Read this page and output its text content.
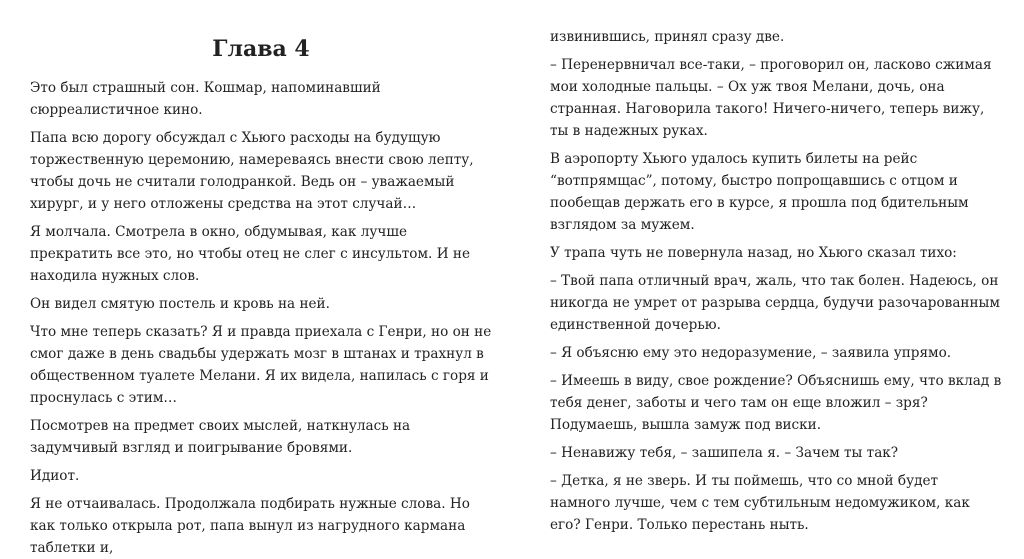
Глава 4

Это был страшный сон. Кошмар, напоминавший сюрреалистичное кино.

Папа всю дорогу обсуждал с Хьюго расходы на будущую торжественную церемонию, намереваясь внести свою лепту, чтобы дочь не считали голодранкой. Ведь он – уважаемый хирург, и у него отложены средства на этот случай…

Я молчала. Смотрела в окно, обдумывая, как лучше прекратить все это, но чтобы отец не слег с инсультом. И не находила нужных слов.

Он видел смятую постель и кровь на ней.

Что мне теперь сказать? Я и правда приехала с Генри, но он не смог даже в день свадьбы удержать мозг в штанах и трахнул в общественном туалете Мелани. Я их видела, напилась с горя и проснулась с этим…

Посмотрев на предмет своих мыслей, наткнулась на задумчивый взгляд и поигрывание бровями.

Идиот.

Я не отчаивалась. Продолжала подбирать нужные слова. Но как только открыла рот, папа вынул из нагрудного кармана таблетки и,

извинившись, принял сразу две.

– Перенервничал все-таки, – проговорил он, ласково сжимая мои холодные пальцы. – Ох уж твоя Мелани, дочь, она странная. Наговорила такого! Ничего-ничего, теперь вижу, ты в надежных руках.

В аэропорту Хьюго удалось купить билеты на рейс “вотпрямщас”, потому, быстро попрощавшись с отцом и пообещав держать его в курсе, я прошла под бдительным взглядом за мужем.

У трапа чуть не повернула назад, но Хьюго сказал тихо:

– Твой папа отличный врач, жаль, что так болен. Надеюсь, он никогда не умрет от разрыва сердца, будучи разочарованным единственной дочерью.

– Я объясню ему это недоразумение, – заявила упрямо.

– Имеешь в виду, свое рождение? Объяснишь ему, что вклад в тебя денег, заботы и чего там он еще вложил – зря? Подумаешь, вышла замуж под виски.

– Ненавижу тебя, – зашипела я. – Зачем ты так?

– Детка, я не зверь. И ты поймешь, что со мной будет намного лучше, чем с тем субтильным недомужиком, как его? Генри. Только перестань ныть.
